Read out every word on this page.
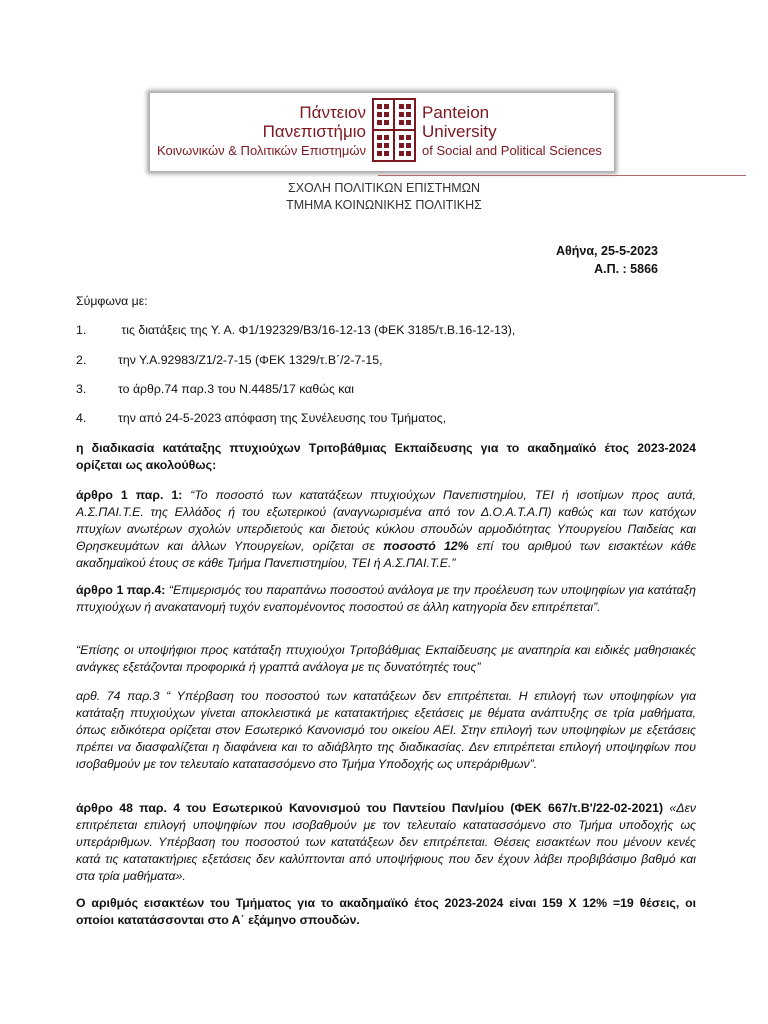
Πάντειον
Πανεπιστήμιο
Κοινωνικών & Πολιτικών Επιστημών
Panteion
University
of Social and Political Sciences
ΣΧΟΛΗ ΠΟΛΙΤΙΚΩΝ ΕΠΙΣΤΗΜΩΝ
ΤΜΗΜΑ ΚΟΙΝΩΝΙΚΗΣ ΠΟΛΙΤΙΚΗΣ
Αθήνα, 25-5-2023
Α.Π. : 5866

Σύμφωνα με:

1.	τις διατάξεις της Υ. Α. Φ1/192329/Β3/16-12-13 (ΦΕΚ 3185/τ.Β.16-12-13),

2.	την Υ.Α.92983/Ζ1/2-7-15 (ΦΕΚ 1329/τ.Β΄/2-7-15,

3.	το άρθρ.74 παρ.3 του Ν.4485/17 καθώς και

4.	την από 24-5-2023 απόφαση της Συνέλευσης του Τμήματος,

η διαδικασία κατάταξης πτυχιούχων Τριτοβάθμιας Εκπαίδευσης για το ακαδημαϊκό έτος 2023-2024 ορίζεται ως ακολούθως:

άρθρο 1 παρ. 1: “Το ποσοστό των κατατάξεων πτυχιούχων Πανεπιστημίου, ΤΕΙ ή ισοτίμων προς αυτά, Α.Σ.ΠΑΙ.Τ.Ε. της Ελλάδος ή του εξωτερικού (αναγνωρισμένα από τον Δ.Ο.Α.Τ.Α.Π) καθώς και των κατόχων πτυχίων ανωτέρων σχολών υπερδιετούς και διετούς κύκλου σπουδών αρμοδιότητας Υπουργείου Παιδείας και Θρησκευμάτων και άλλων Υπουργείων, ορίζεται σε ποσοστό 12% επί του αριθμού των εισακτέων κάθε ακαδημαϊκού έτους σε κάθε Τμήμα Πανεπιστημίου, ΤΕΙ ή Α.Σ.ΠΑΙ.Τ.Ε.”

άρθρο 1 παρ.4: “Επιμερισμός του παραπάνω ποσοστού ανάλογα με την προέλευση των υποψηφίων για κατάταξη πτυχιούχων ή ανακατανομή τυχόν εναπομένοντος ποσοστού σε άλλη κατηγορία δεν επιτρέπεται”.

“Επίσης οι υποψήφιοι προς κατάταξη πτυχιούχοι Τριτοβάθμιας Εκπαίδευσης με αναπηρία και ειδικές μαθησιακές ανάγκες εξετάζονται προφορικά ή γραπτά ανάλογα με τις δυνατότητές τους”

αρθ. 74 παρ.3 “ Υπέρβαση του ποσοστού των κατατάξεων δεν επιτρέπεται. Η επιλογή των υποψηφίων για κατάταξη πτυχιούχων γίνεται αποκλειστικά με κατατακτήριες εξετάσεις με θέματα ανάπτυξης σε τρία μαθήματα, όπως ειδικότερα ορίζεται στον Εσωτερικό Κανονισμό του οικείου ΑΕΙ. Στην επιλογή των υποψηφίων με εξετάσεις πρέπει να διασφαλίζεται η διαφάνεια και το αδιάβλητο της διαδικασίας. Δεν επιτρέπεται επιλογή υποψηφίων που ισοβαθμούν με τον τελευταίο κατατασσόμενο στο Τμήμα Υποδοχής ως υπεράριθμων”.

άρθρο 48 παρ. 4 του Εσωτερικού Κανονισμού του Παντείου Παν/μίου (ΦΕΚ 667/τ.Β'/22-02-2021) «Δεν επιτρέπεται επιλογή υποψηφίων που ισοβαθμούν με τον τελευταίο κατατασσόμενο στο Τμήμα υποδοχής ως υπεράριθμων. Υπέρβαση του ποσοστού των κατατάξεων δεν επιτρέπεται. Θέσεις εισακτέων που μένουν κενές κατά τις κατατακτήριες εξετάσεις δεν καλύπτονται από υποψήφιους που δεν έχουν λάβει προβιβάσιμο βαθμό και στα τρία μαθήματα».

Ο αριθμός εισακτέων του Τμήματος για το ακαδημαϊκό έτος 2023-2024 είναι 159 Χ 12% =19 θέσεις, οι οποίοι κατατάσσονται στο Α΄ εξάμηνο σπουδών.
